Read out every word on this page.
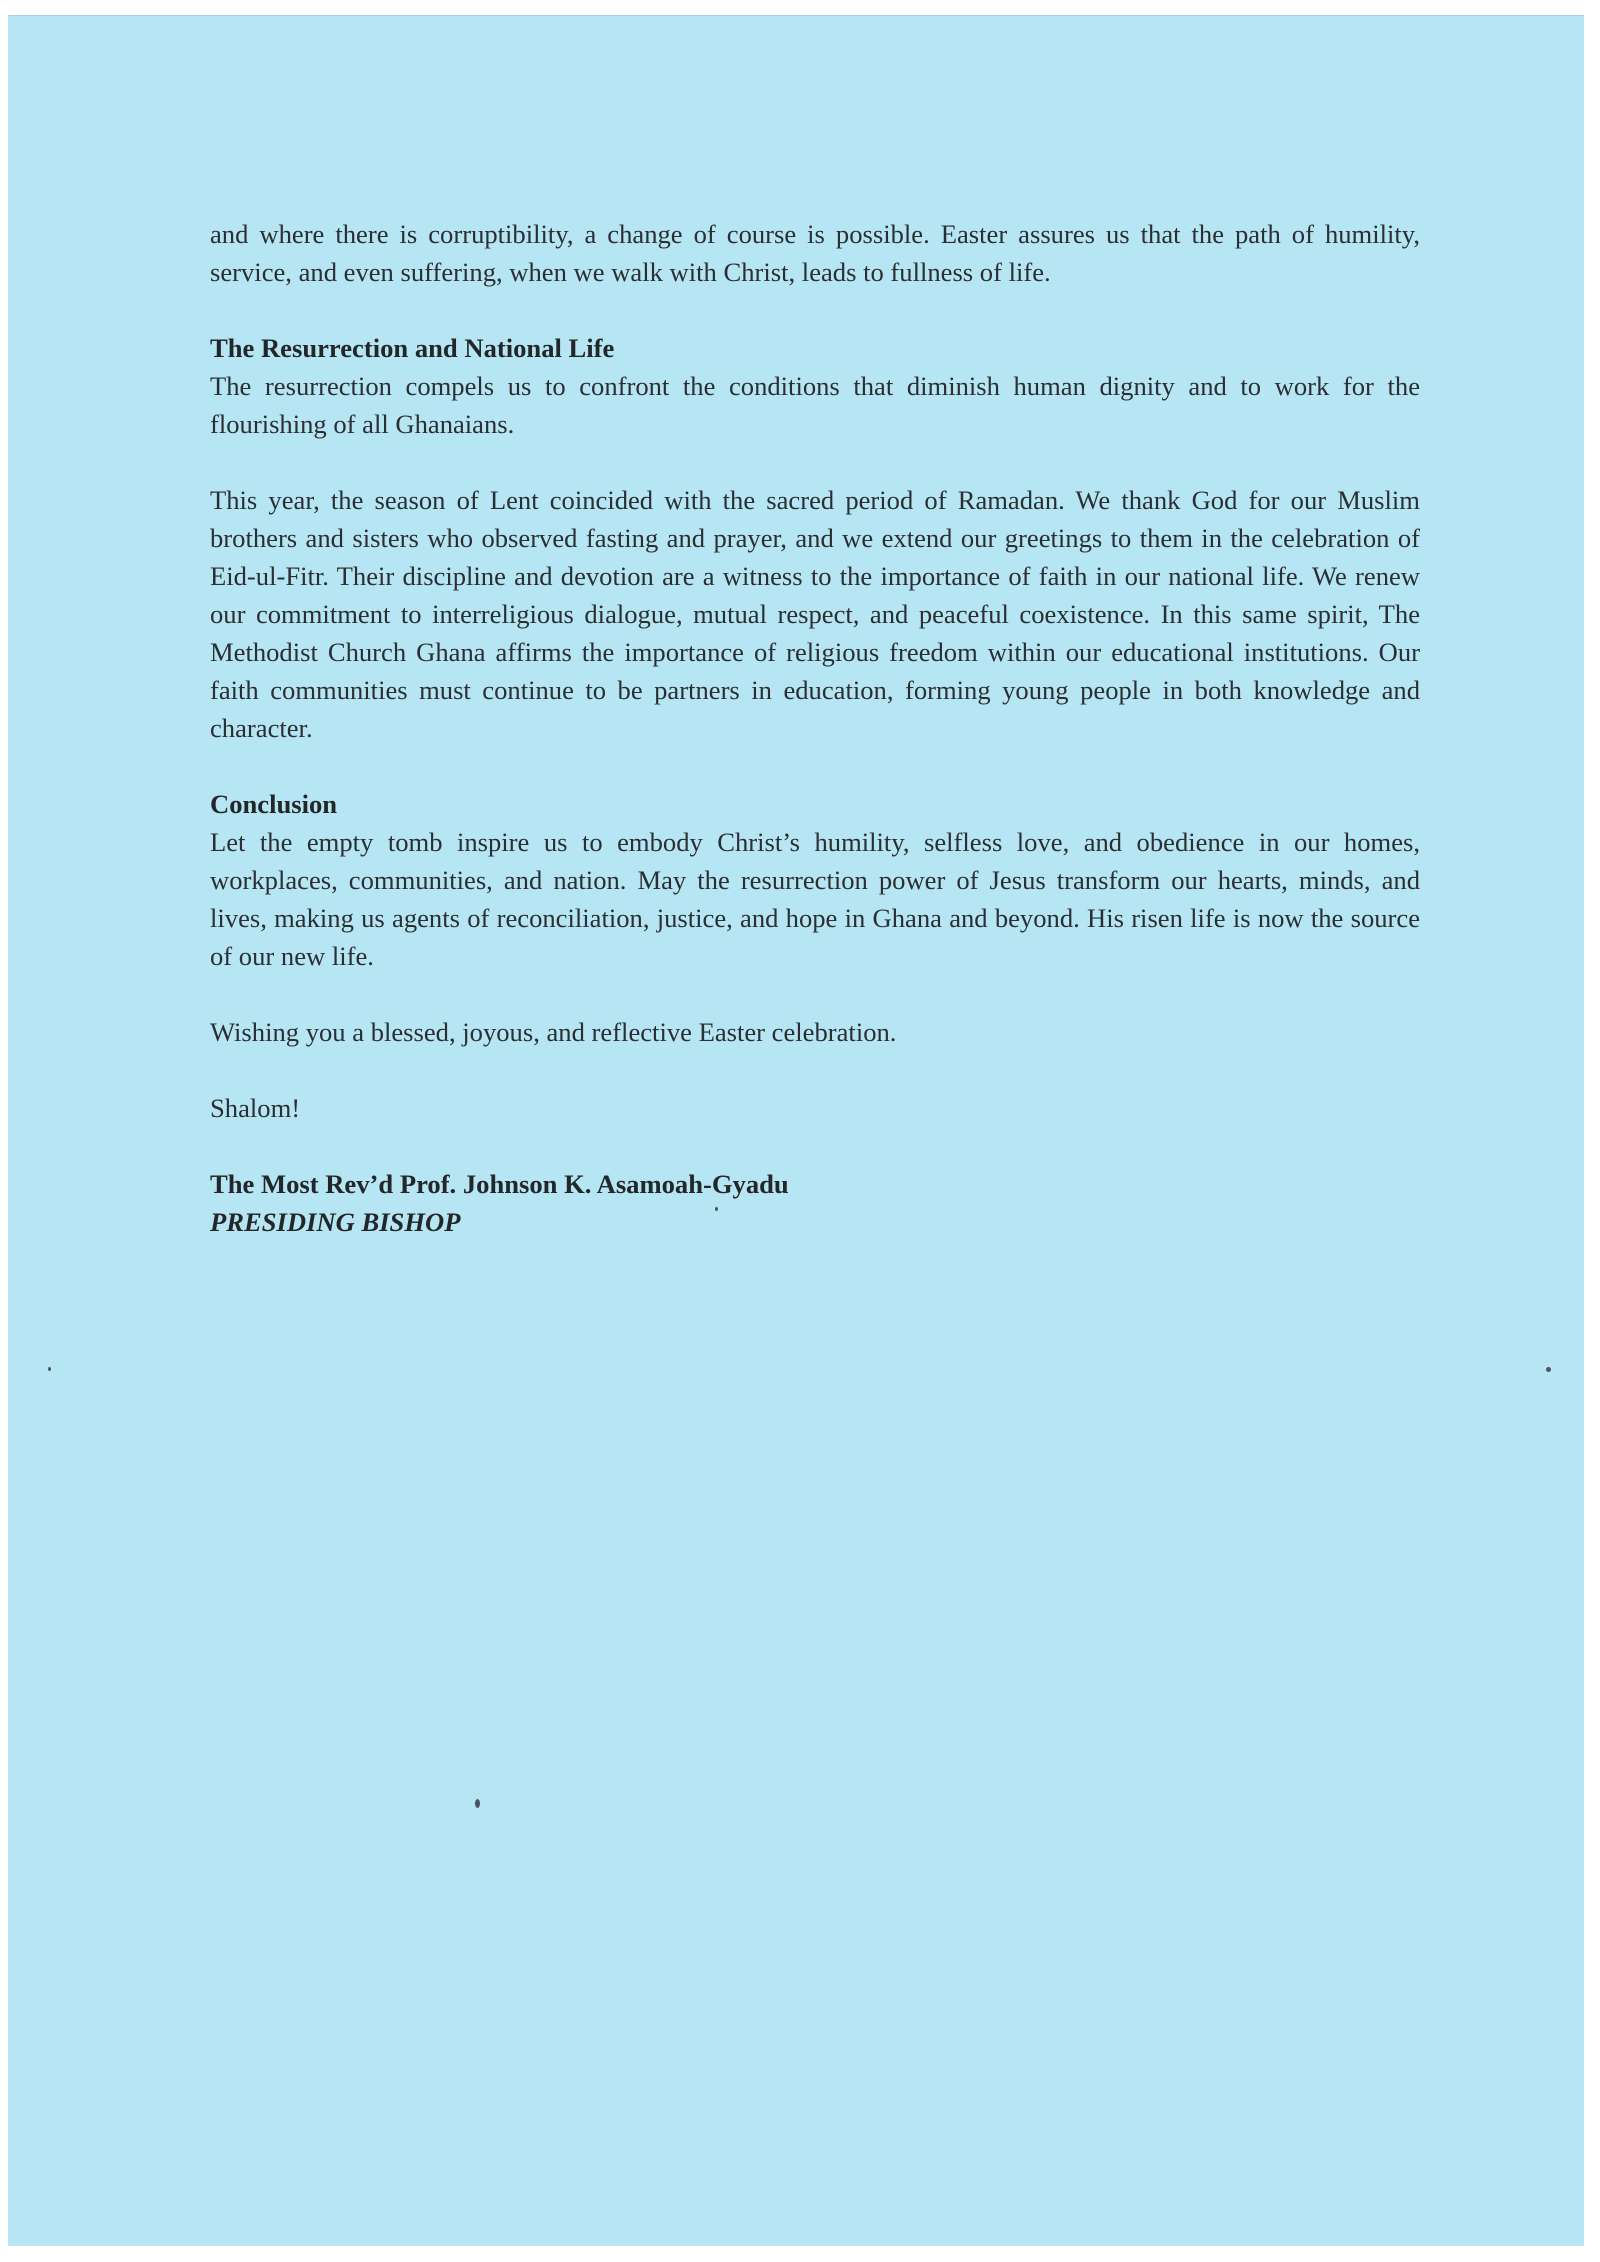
and where there is corruptibility, a change of course is possible. Easter assures us that the path of humility, service, and even suffering, when we walk with Christ, leads to fullness of life.

The Resurrection and National Life

The resurrection compels us to confront the conditions that diminish human dignity and to work for the flourishing of all Ghanaians.

This year, the season of Lent coincided with the sacred period of Ramadan. We thank God for our Muslim brothers and sisters who observed fasting and prayer, and we extend our greetings to them in the celebration of Eid-ul-Fitr. Their discipline and devotion are a witness to the importance of faith in our national life. We renew our commitment to interreligious dialogue, mutual respect, and peaceful coexistence. In this same spirit, The Methodist Church Ghana affirms the importance of religious freedom within our educational institutions. Our faith communities must continue to be partners in education, forming young people in both knowledge and character.

Conclusion

Let the empty tomb inspire us to embody Christ’s humility, selfless love, and obedience in our homes, workplaces, communities, and nation. May the resurrection power of Jesus transform our hearts, minds, and lives, making us agents of reconciliation, justice, and hope in Ghana and beyond. His risen life is now the source of our new life.

Wishing you a blessed, joyous, and reflective Easter celebration.

Shalom!

The Most Rev’d Prof. Johnson K. Asamoah-Gyadu

PRESIDING BISHOP
